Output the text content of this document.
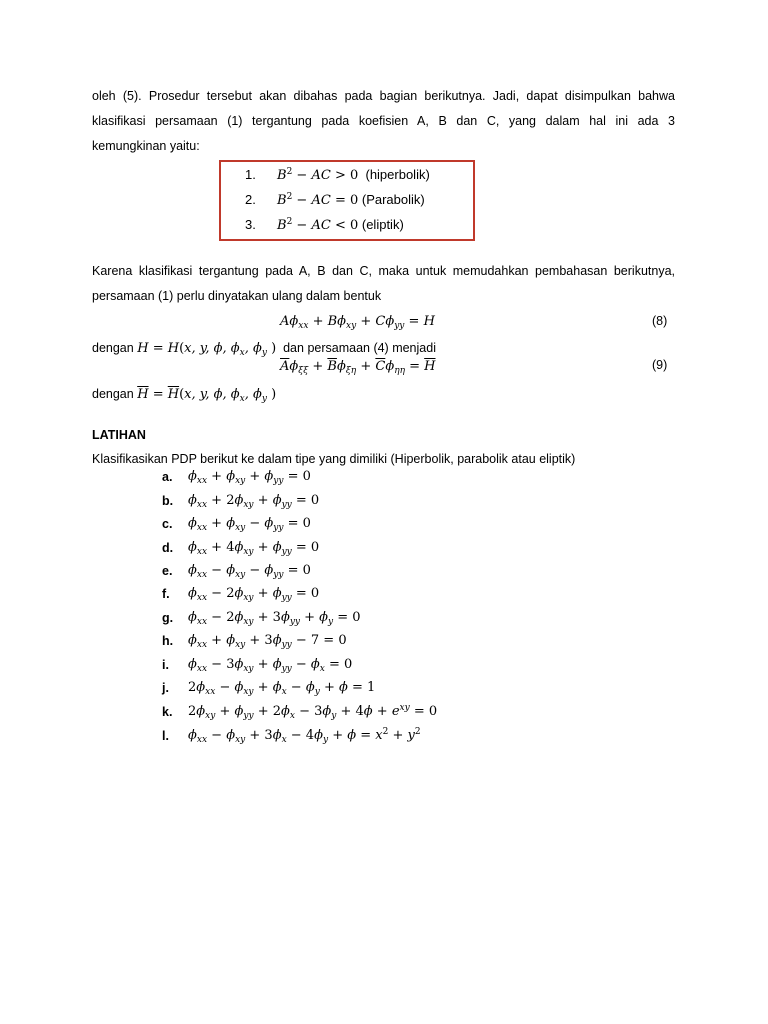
oleh (5). Prosedur tersebut akan dibahas pada bagian berikutnya. Jadi, dapat disimpulkan bahwa
klasifikasi persamaan (1) tergantung pada koefisien A, B dan C, yang dalam hal ini ada 3
kemungkinan yaitu:
1. $B^2$ − AC > 0 (hiperbolik)
2. $B^2$ − AC = 0 (Parabolik)
3. $B^2$ − AC < 0 (eliptik)
Karena klasifikasi tergantung pada A, B dan C, maka untuk memudahkan pembahasan berikutnya,
persamaan (1) perlu dinyatakan ulang dalam bentuk
$A\phi_{xx} + B\phi_{xy} + C\phi_{yy} = H$	(8)
dengan H = H(x, y, ϕ, $\phi_x$, $\phi_y$ ) dan persamaan (4) menjadi
$\overline{A}\phi_{\xi\xi} + \overline{B}\phi_{\xi\eta} + \overline{C}\phi_{\eta\eta} = \overline{H}$	(9)
dengan $\overline{H} = \overline{H}(x$, y, ϕ, $\phi_x$, $\phi_y$ )
LATIHAN
Klasifikasikan PDP berikut ke dalam tipe yang dimiliki (Hiperbolik, parabolik atau eliptik)
a. $\phi_{xx} + \phi_{xy} + \phi_{yy} = 0$
b. $\phi_{xx} + 2\phi_{xy} + \phi_{yy} = 0$
c. $\phi_{xx} + \phi_{xy} - \phi_{yy} = 0$
d. $\phi_{xx} + 4\phi_{xy} + \phi_{yy} = 0$
e. $\phi_{xx} - \phi_{xy} - \phi_{yy} = 0$
f. $\phi_{xx} - 2\phi_{xy} + \phi_{yy} = 0$
g. $\phi_{xx} - 2\phi_{xy} + 3\phi_{yy} + \phi_y = 0$
h. $\phi_{xx} + \phi_{xy} + 3\phi_{yy} - 7 = 0$
i. $\phi_{xx} - 3\phi_{xy} + \phi_{yy} - \phi_x = 0$
j. $2\phi_{xx} - \phi_{xy} + \phi_x - \phi_y + \phi = 1$
k. $2\phi_{xy} + \phi_{yy} + 2\phi_x - 3\phi_y + 4\phi + e^{xy} = 0$
l. $\phi_{xx} - \phi_{xy} + 3\phi_x - 4\phi_y + \phi = x^2 + y^2$
